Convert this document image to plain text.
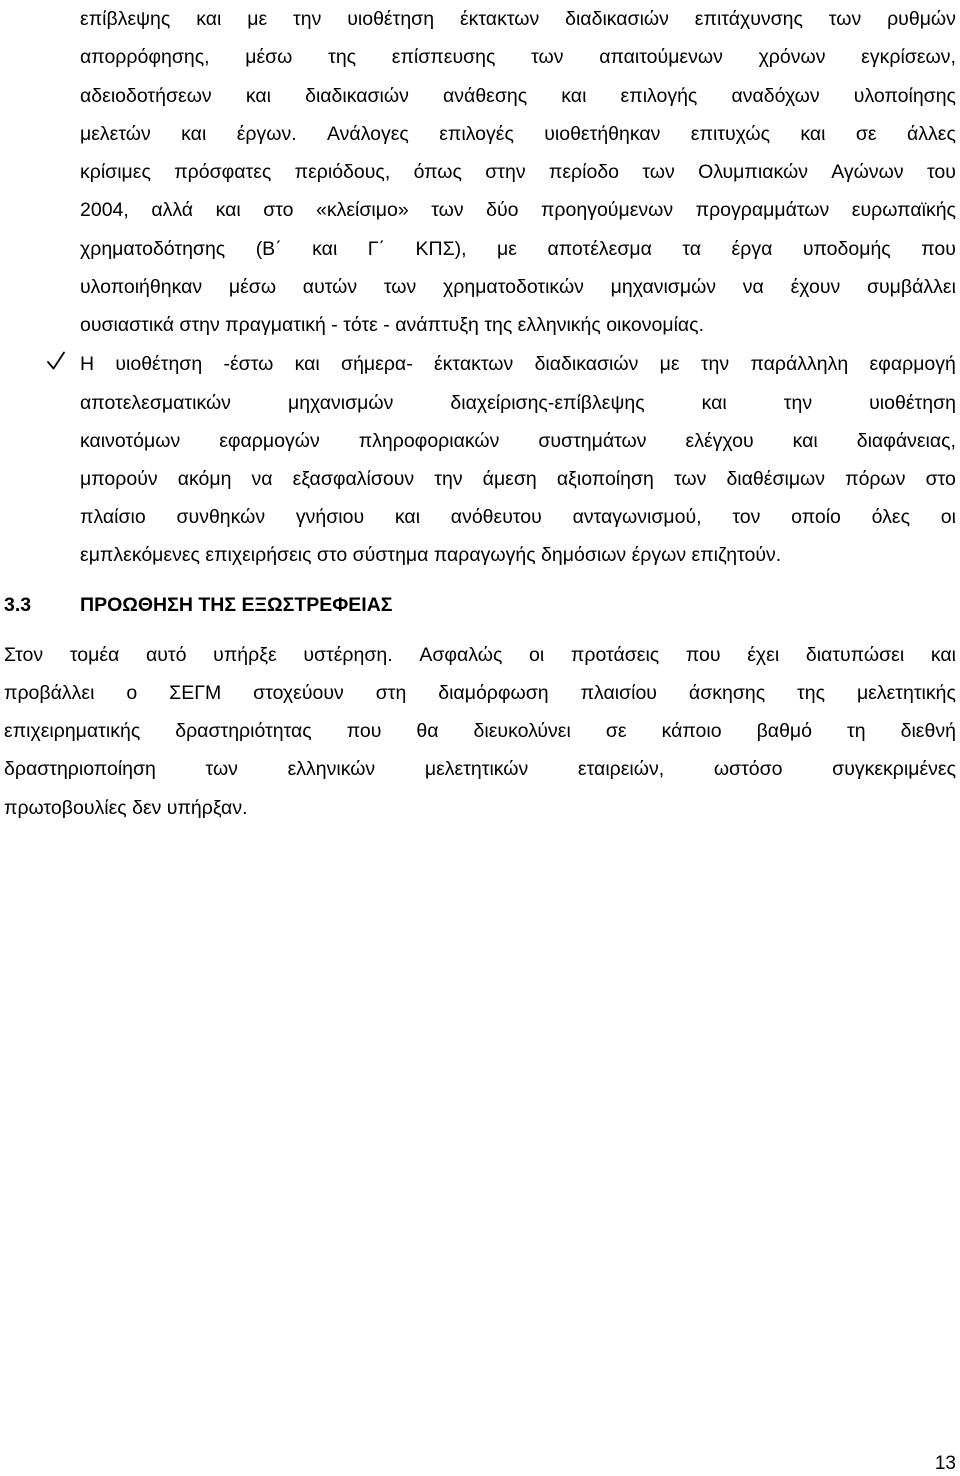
επίβλεψης και με την υιοθέτηση έκτακτων διαδικασιών επιτάχυνσης των ρυθμών
απορρόφησης, μέσω της επίσπευσης των απαιτούμενων χρόνων εγκρίσεων,
αδειοδοτήσεων και διαδικασιών ανάθεσης και επιλογής αναδόχων υλοποίησης
μελετών και έργων. Ανάλογες επιλογές υιοθετήθηκαν επιτυχώς και σε άλλες
κρίσιμες πρόσφατες περιόδους, όπως στην περίοδο των Ολυμπιακών Αγώνων του
2004, αλλά και στο «κλείσιμο» των δύο προηγούμενων προγραμμάτων ευρωπαϊκής
χρηματοδότησης (Β΄ και Γ΄ ΚΠΣ), με αποτέλεσμα τα έργα υποδομής που
υλοποιήθηκαν μέσω αυτών των χρηματοδοτικών μηχανισμών να έχουν συμβάλλει
ουσιαστικά στην πραγματική - τότε - ανάπτυξη της ελληνικής οικονομίας.
Η υιοθέτηση -έστω και σήμερα- έκτακτων διαδικασιών με την παράλληλη εφαρμογή
αποτελεσματικών	μηχανισμών	διαχείρισης-επίβλεψης	και	την	υιοθέτηση
καινοτόμων εφαρμογών πληροφοριακών συστημάτων ελέγχου και διαφάνειας,
μπορούν ακόμη να εξασφαλίσουν την άμεση αξιοποίηση των διαθέσιμων πόρων στο
πλαίσιο συνθηκών γνήσιου και ανόθευτου ανταγωνισμού, τον οποίο όλες οι
εμπλεκόμενες επιχειρήσεις στο σύστημα παραγωγής δημόσιων έργων επιζητούν.
3.3	ΠΡΟΩΘΗΣΗ ΤΗΣ ΕΞΩΣΤΡΕΦΕΙΑΣ
Στον τομέα αυτό υπήρξε υστέρηση. Ασφαλώς οι προτάσεις που έχει διατυπώσει και
προβάλλει ο ΣΕΓΜ στοχεύουν στη διαμόρφωση πλαισίου άσκησης της μελετητικής
επιχειρηματικής δραστηριότητας που θα διευκολύνει σε κάποιο βαθμό τη διεθνή
δραστηριοποίηση	των	ελληνικών	μελετητικών	εταιρειών,	ωστόσο	συγκεκριμένες
πρωτοβουλίες δεν υπήρξαν.
13
